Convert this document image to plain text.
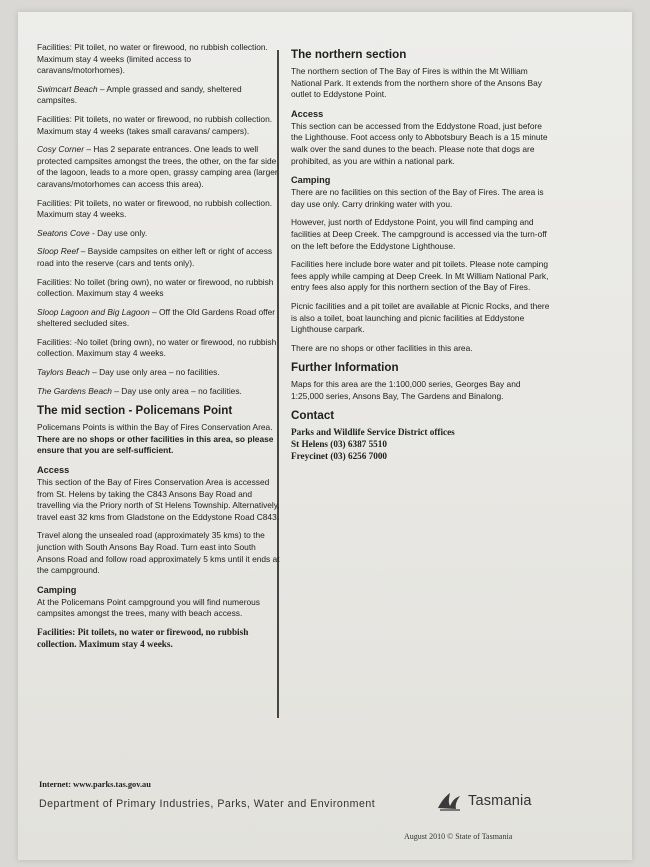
Facilities: Pit toilet, no water or firewood, no rubbish collection. Maximum stay 4 weeks (limited access to caravans/motorhomes).

Swimcart Beach – Ample grassed and sandy, sheltered campsites.

Facilities: Pit toilets, no water or firewood, no rubbish collection. Maximum stay 4 weeks (takes small caravans/ campers).

Cosy Corner – Has 2 separate entrances. One leads to well protected campsites amongst the trees, the other, on the far side of the lagoon, leads to a more open, grassy camping area (larger caravans/motorhomes can access this area).

Facilities: Pit toilets, no water or firewood, no rubbish collection. Maximum stay 4 weeks.

Seatons Cove - Day use only.

Sloop Reef – Bayside campsites on either left or right of access road into the reserve (cars and tents only).

Facilities: No toilet (bring own), no water or firewood, no rubbish collection. Maximum stay 4 weeks

Sloop Lagoon and Big Lagoon – Off the Old Gardens Road offer sheltered secluded sites.

Facilities: -No toilet (bring own), no water or firewood, no rubbish collection. Maximum stay 4 weeks.

Taylors Beach – Day use only area – no facilities.

The Gardens Beach – Day use only area – no facilities.

The mid section - Policemans Point

Policemans Points is within the Bay of Fires Conservation Area. There are no shops or other facilities in this area, so please ensure that you are self-sufficient.

Access

This section of the Bay of Fires Conservation Area is accessed from St. Helens by taking the C843 Ansons Bay Road and travelling via the Priory north of St Helens Township. Alternatively, travel east 32 kms from Gladstone on the Eddystone Road C843.

Travel along the unsealed road (approximately 35 kms) to the junction with South Ansons Bay Road. Turn east into South Ansons Road and follow road approximately 5 kms until it ends at the campground.

Camping

At the Policemans Point campground you will find numerous campsites amongst the trees, many with beach access.

Facilities: Pit toilets, no water or firewood, no rubbish collection. Maximum stay 4 weeks.

The northern section

The northern section of The Bay of Fires is within the Mt William National Park. It extends from the northern shore of the Ansons Bay outlet to Eddystone Point.

Access

This section can be accessed from the Eddystone Road, just before the Lighthouse. Foot access only to Abbotsbury Beach is a 15 minute walk over the sand dunes to the beach. Please note that dogs are prohibited, as you are within a national park.

Camping

There are no facilities on this section of the Bay of Fires. The area is day use only. Carry drinking water with you.

However, just north of Eddystone Point, you will find camping and facilities at Deep Creek. The campground is accessed via the turn-off on the left before the Eddystone Lighthouse.

Facilities here include bore water and pit toilets. Please note camping fees apply while camping at Deep Creek. In Mt William National Park, entry fees also apply for this northern section of the Bay of Fires.

Picnic facilities and a pit toilet are available at Picnic Rocks, and there is also a toilet, boat launching and picnic facilities at Eddystone Lighthouse carpark.

There are no shops or other facilities in this area.

Further Information

Maps for this area are the 1:100,000 series, Georges Bay and 1:25,000 series, Ansons Bay, The Gardens and Binalong.

Contact
Parks and Wildlife Service District offices
St Helens (03) 6387 5510
Freycinet (03) 6256 7000
Internet: www.parks.tas.gov.au
Department of Primary Industries, Parks, Water and Environment	Tasmania
August 2010 © State of Tasmania
